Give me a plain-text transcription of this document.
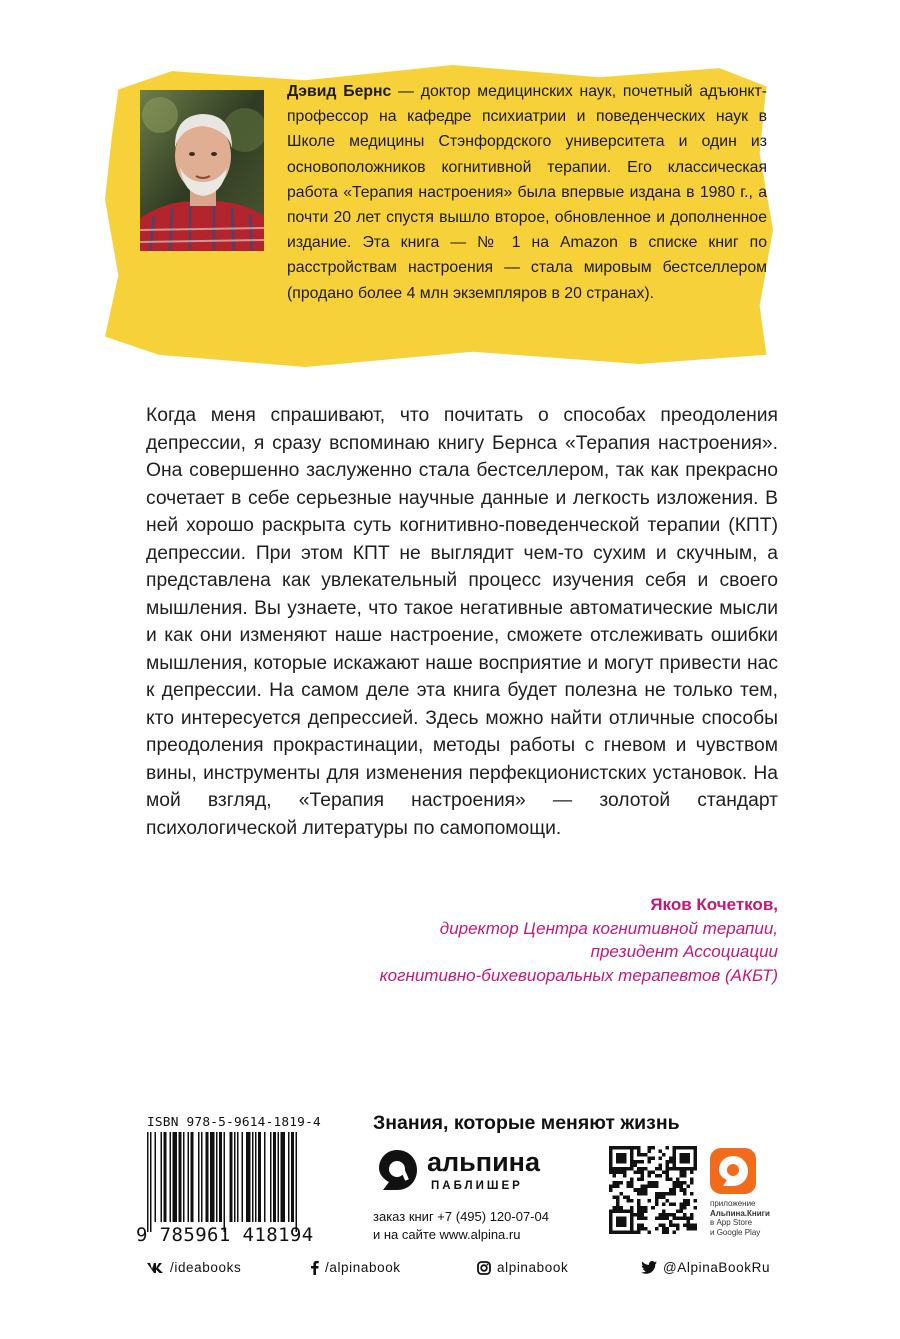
Дэвид Бернс — доктор медицинских наук, почетный адъюнкт-профессор на кафедре психиатрии и поведенческих наук в Школе медицины Стэнфордского университета и один из основоположников когнитивной терапии. Его классическая работа «Терапия настроения» была впервые издана в 1980 г., а почти 20 лет спустя вышло второе, обновленное и дополненное издание. Эта книга — № 1 на Amazon в списке книг по расстройствам настроения — стала мировым бестселлером (продано более 4 млн экземпляров в 20 странах).

Когда меня спрашивают, что почитать о способах преодоления депрессии, я сразу вспоминаю книгу Бернса «Терапия настроения». Она совершенно заслуженно стала бестселлером, так как прекрасно сочетает в себе серьезные научные данные и легкость изложения. В ней хорошо раскрыта суть когнитивно-поведенческой терапии (КПТ) депрессии. При этом КПТ не выглядит чем-то сухим и скучным, а представлена как увлекательный процесс изучения себя и своего мышления. Вы узнаете, что такое негативные автоматические мысли и как они изменяют наше настроение, сможете отслеживать ошибки мышления, которые искажают наше восприятие и могут привести нас к депрессии. На самом деле эта книга будет полезна не только тем, кто интересуется депрессией. Здесь можно найти отличные способы преодоления прокрастинации, методы работы с гневом и чувством вины, инструменты для изменения перфекционистских установок. На мой взгляд, «Терапия настроения» — золотой стандарт психологической литературы по самопомощи.
Яков Кочетков,
директор Центра когнитивной терапии,
президент Ассоциации
когнитивно-бихевиоральных терапевтов (АКБТ)
ISBN 978-5-9614-1819-4
9 785961 418194
Знания, которые меняют жизнь
альпина
ПАБЛИШЕР
заказ книг +7 (495) 120-07-04
и на сайте www.alpina.ru
приложение
Альпина.Книги
в App Store
и Google Play
/ideabooks	/alpinabook	alpinabook	@AlpinaBookRu
